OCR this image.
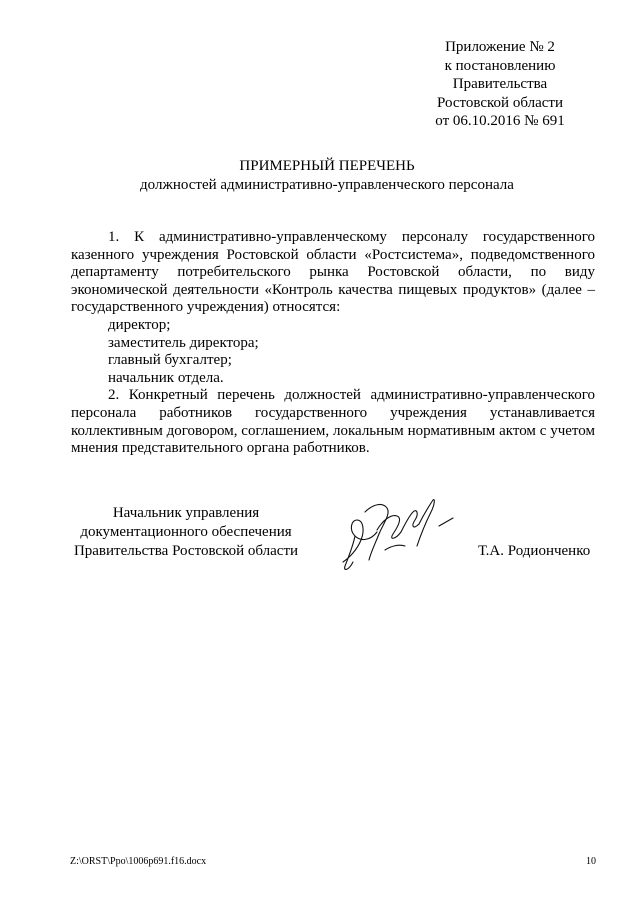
Приложение № 2
к постановлению
Правительства
Ростовской области
от 06.10.2016 № 691
ПРИМЕРНЫЙ ПЕРЕЧЕНЬ
должностей административно-управленческого персонала

1. К административно-управленческому персоналу государственного казенного учреждения Ростовской области «Ростсистема», подведомственного департаменту потребительского рынка Ростовской области, по виду экономической деятельности «Контроль качества пищевых продуктов» (далее – государственного учреждения) относятся:

директор;

заместитель директора;

главный бухгалтер;

начальник отдела.

2. Конкретный перечень должностей административно-управленческого персонала работников государственного учреждения устанавливается коллективным договором, соглашением, локальным нормативным актом с учетом мнения представительного органа работников.

Начальник управления
документационного обеспечения
Правительства Ростовской области	Т.А. Родионченко
Z:\ORST\Ppo\1006p691.f16.docx	10
